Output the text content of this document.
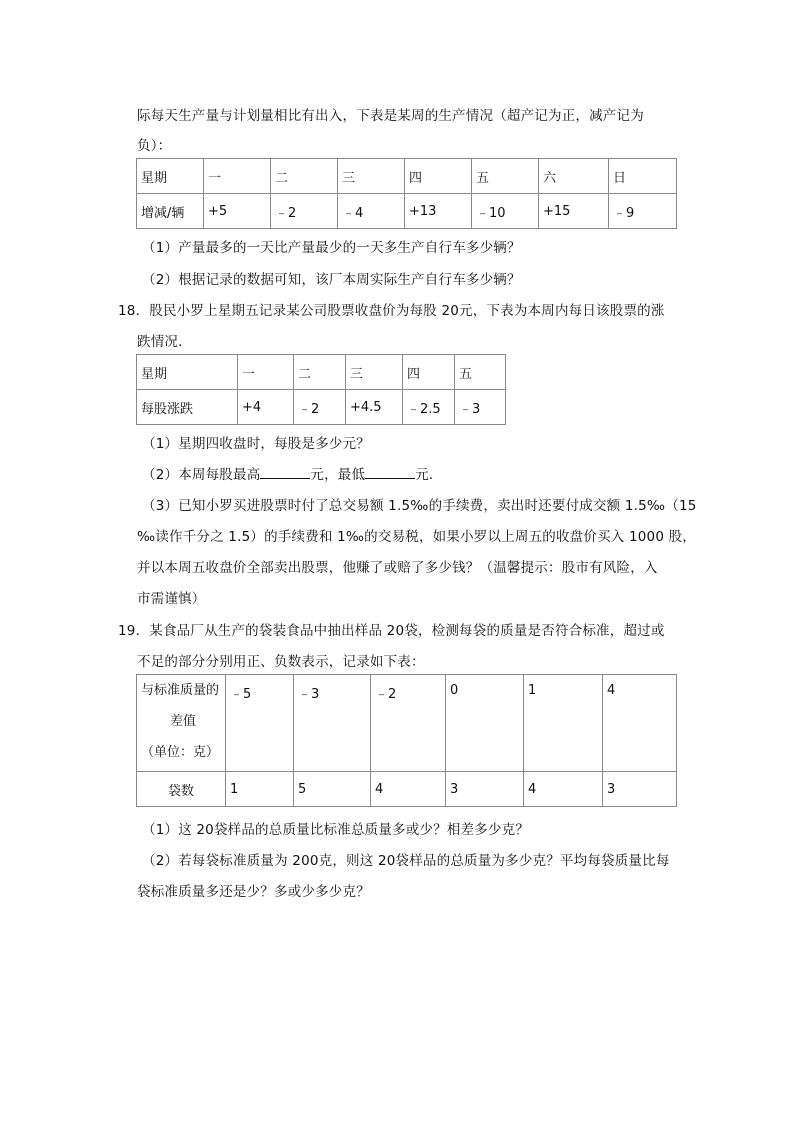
际每天生产量与计划量相比有出入，下表是某周的生产情况（超产记为正，减产记为
负）：
星期	一	二	三	四	五	六	日
增减/辆	+5	﹣2	﹣4	+13	﹣10	+15	﹣9
（1）产量最多的一天比产量最少的一天多生产自行车多少辆？
（2）根据记录的数据可知，该厂本周实际生产自行车多少辆？
18．股民小罗上星期五记录某公司股票收盘价为每股 20元，下表为本周内每日该股票的涨
跌情况．
星期	一	二	三	四	五
每股涨跌	+4	﹣2	+4.5	﹣2.5	﹣3
（1）星期四收盘时，每股是多少元？
（2）本周每股最高	元，最低	元．
（3）已知小罗买进股票时付了总交易额 1.5‰的手续费，卖出时还要付成交额 1.5‰（15
‰读作千分之 1.5）的手续费和 1‰的交易税，如果小罗以上周五的收盘价买入 1000 股，
并以本周五收盘价全部卖出股票，他赚了或赔了多少钱？（温馨提示：股市有风险，入
市需谨慎）
19．某食品厂从生产的袋装食品中抽出样品 20袋，检测每袋的质量是否符合标准，超过或
不足的部分分别用正、负数表示，记录如下表：
与标准质量的
差值
（单位：克）	﹣5	﹣3	﹣2	0	1	4
袋数	1	5	4	3	4	3
（1）这 20袋样品的总质量比标准总质量多或少？相差多少克？
（2）若每袋标准质量为 200克，则这 20袋样品的总质量为多少克？平均每袋质量比每
袋标准质量多还是少？多或少多少克？
